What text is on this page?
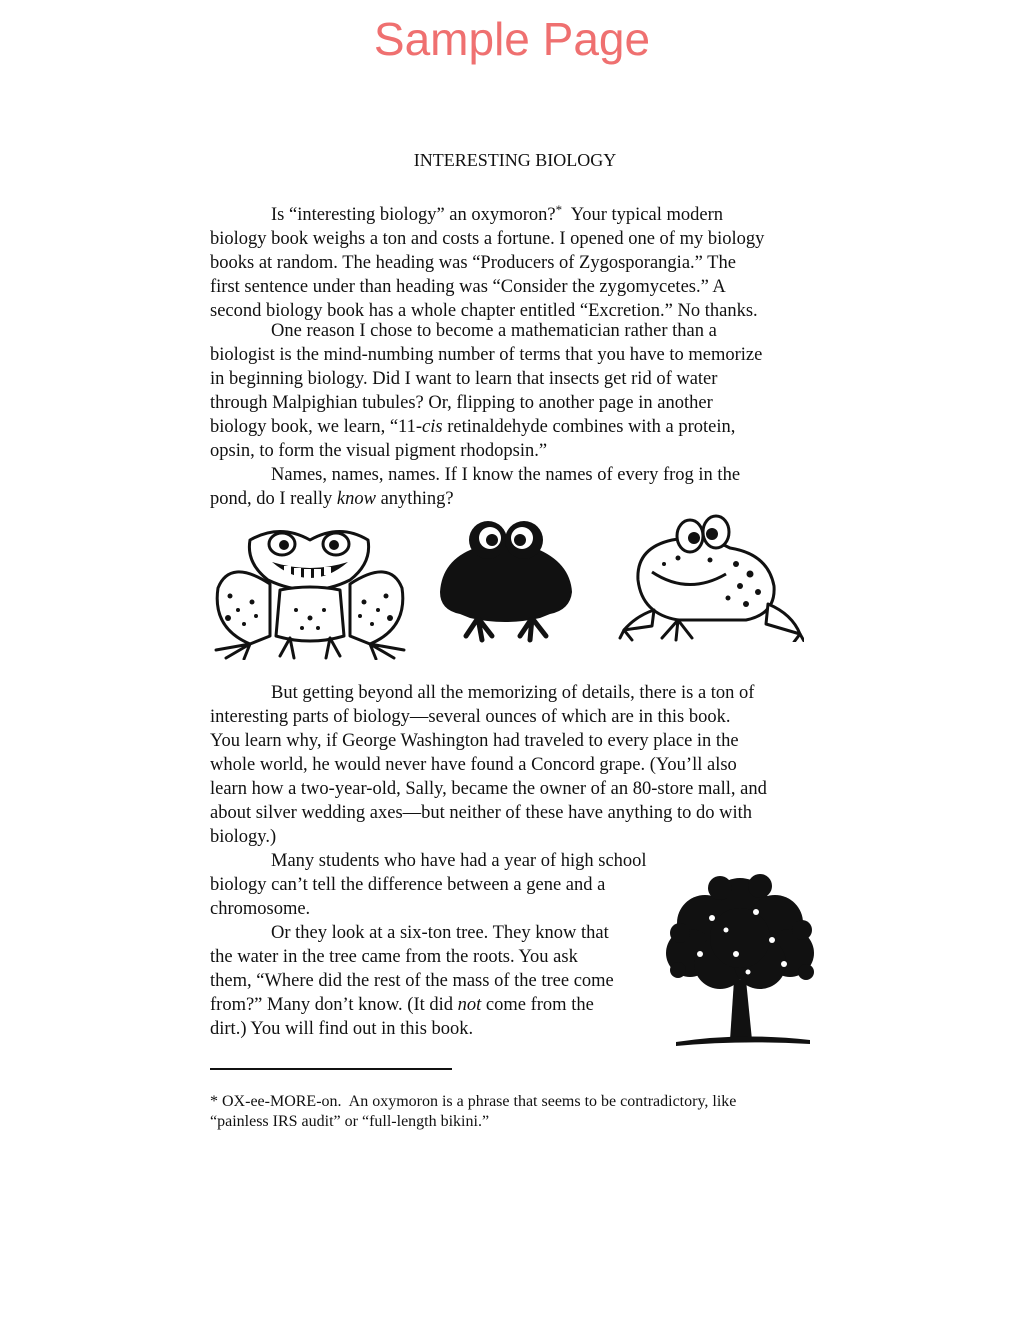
Sample Page
INTERESTING BIOLOGY

Is “interesting biology” an oxymoron?*  Your typical modern
biology book weighs a ton and costs a fortune. I opened one of my biology
books at random. The heading was “Producers of Zygosporangia.” The
first sentence under than heading was “Consider the zygomycetes.” A
second biology book has a whole chapter entitled “Excretion.” No thanks.

One reason I chose to become a mathematician rather than a
biologist is the mind-numbing number of terms that you have to memorize
in beginning biology. Did I want to learn that insects get rid of water
through Malpighian tubules? Or, flipping to another page in another
biology book, we learn, “11-cis retinaldehyde combines with a protein,
opsin, to form the visual pigment rhodopsin.”

Names, names, names. If I know the names of every frog in the
pond, do I really know anything?

But getting beyond all the memorizing of details, there is a ton of
interesting parts of biology—several ounces of which are in this book.
You learn why, if George Washington had traveled to every place in the
whole world, he would never have found a Concord grape. (You’ll also
learn how a two-year-old, Sally, became the owner of an 80-store mall, and
about silver wedding axes—but neither of these have anything to do with
biology.)

Many students who have had a year of high school
biology can’t tell the difference between a gene and a
chromosome.

Or they look at a six-ton tree. They know that
the water in the tree came from the roots. You ask
them, “Where did the rest of the mass of the tree come
from?” Many don’t know. (It did not come from the
dirt.) You will find out in this book.

* OX-ee-MORE-on.  An oxymoron is a phrase that seems to be contradictory, like
“painless IRS audit” or “full-length bikini.”
